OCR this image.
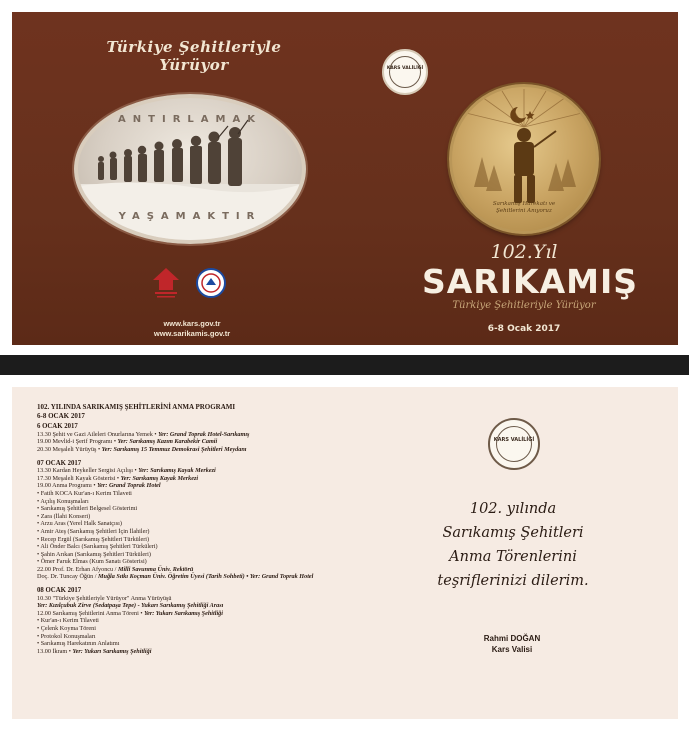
Türkiye Şehitleriyle Yürüyor
ANTIRLAMAK
YAŞAMAKTIR
www.kars.gov.tr
www.sarikamis.gov.tr
KARS VALİLİĞİ
Sarıkamış Harekatı ve
Şehitlerini Anıyoruz
102.Yıl
SARIKAMIŞ
Türkiye Şehitleriyle Yürüyor
6-8 Ocak 2017
102. YILINDA SARIKAMIŞ ŞEHİTLERİNİ ANMA PROGRAMI
6-8 OCAK 2017
6 OCAK 2017
13.30 Şehit ve Gazi Aileleri Onurlarına Yemek • Yer: Grand Toprak Hotel-Sarıkamış
19.00 Mevlid-i Şerif Programı • Yer: Sarıkamış Kazım Karabekir Camii
20.30 Meşaleli Yürüyüş • Yer: Sarıkamış 15 Temmuz Demokrasi Şehitleri Meydanı
07 OCAK 2017
13.30 Kardan Heykeller Sergisi Açılışı • Yer: Sarıkamış Kayak Merkezi
17.30 Meşaleli Kayak Gösterisi • Yer: Sarıkamış Kayak Merkezi
19.00 Anma Programı • Yer: Grand Toprak Hotel
• Fatih KOCA Kur'an-ı Kerim Tilaveti
• Açılış Konuşmaları
• Sarıkamış Şehitleri Belgesel Gösterimi
• Zara (İlahi Konseri)
• Arzu Aras (Yerel Halk Sanatçısı)
• Amir Ateş (Sarıkamış Şehitleri İçin İlahiler)
• Recep Ergül (Sarıkamış Şehitleri Türküleri)
• Ali Önder Balcı (Sarıkamış Şehitleri Türküleri)
• Şahin Arıkan (Sarıkamış Şehitleri Türküleri)
• Ömer Faruk Elmas (Kum Sanatı Gösterisi)
22.00 Prof. Dr. Erhan Afyoncu / Milli Savunma Üniv. Rektörü
Doç. Dr. Tuncay Öğün / Muğla Sıtkı Koçman Üniv. Öğretim Üyesi (Tarih Sohbeti) • Yer: Grand Toprak Hotel
08 OCAK 2017
10.30 "Türkiye Şehitleriyle Yürüyor" Anma Yürüyüşü
Yer: Kızılçubuk Zirve (Sedatpaşa Tepe) - Yukarı Sarıkamış Şehitliği Arası
12.00 Sarıkamış Şehitlerini Anma Töreni • Yer: Yukarı Sarıkamış Şehitliği
• Kur'an-ı Kerim Tilaveti
• Çelenk Koyma Töreni
• Protokol Konuşmaları
• Sarıkamış Harekatının Anlatımı
13.00 İkram • Yer: Yukarı Sarıkamış Şehitliği
KARS VALİLİĞİ
102. yılında
Sarıkamış Şehitleri
Anma Törenlerini
teşriflerinizi dilerim.
Rahmi DOĞAN
Kars Valisi
